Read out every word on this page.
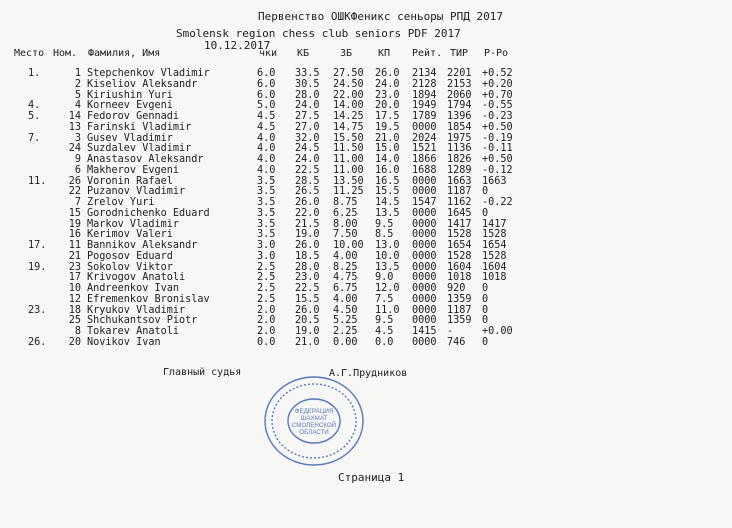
Первенство ОШКФеникс сеньоры РПД 2017
Smolensk region chess club seniors PDF 2017
10.12.2017
Место Ном. Фамилия, Имя	чки КБ	ЗБ	КП Рейт. ТИР Р-Ро
1.	1 Stepchenkov Vladimir	6.0 33.5 27.50 26.0 2134 2201 +0.52
2 Kiseliov Aleksandr	6.0 30.5 24.50 24.0 2128 2153 +0.20
5 Kiriushin Yuri	6.0 28.0 22.00 23.0 1894 2060 +0.70
4.	4 Korneev Evgeni	5.0 24.0 14.00 20.0 1949 1794 -0.55
5.	14 Fedorov Gennadi	4.5 27.5 14.25 17.5 1789 1396 -0.23
13 Farinski Vladimir	4.5 27.0 14.75 19.5 0000 1854 +0.50
7.	3 Gusev Vladimir	4.0 32.0 15.50 21.0 2024 1975 -0.19
24 Suzdalev Vladimir	4.0 24.5 11.50 15.0 1521 1136 -0.11
9 Anastasov Aleksandr	4.0 24.0 11.00 14.0 1866 1826 +0.50
6 Makherov Evgeni	4.0 22.5 11.00 16.0 1688 1289 -0.12
11.	26 Voronin Rafael	3.5 28.5 13.50 16.5 0000 1663 1663
22 Puzanov Vladimir	3.5 26.5 11.25 15.5 0000 1187 0
7 Zrelov Yuri	3.5 26.0 8.75 14.5 1547 1162 -0.22
15 Gorodnichenko Eduard	3.5 22.0 6.25 13.5 0000 1645 0
19 Markov Vladimir	3.5 21.5 8.00 9.5 0000 1417 1417
16 Kerimov Valeri	3.5 19.0 7.50 8.5 0000 1528 1528
17.	11 Bannikov Aleksandr	3.0 26.0 10.00 13.0 0000 1654 1654
21 Pogosov Eduard	3.0 18.5 4.00 10.0 0000 1528 1528
19.	23 Sokolov Viktor	2.5 28.0 8.25 13.5 0000 1604 1604
17 Krivogov Anatoli	2.5 23.0 4.75 9.0 0000 1018 1018
10 Andreenkov Ivan	2.5 22.5 6.75 12.0 0000 920 0
12 Efremenkov Bronislav	2.5 15.5 4.00 7.5 0000 1359 0
23.	18 Kryukov Vladimir	2.0 26.0 4.50 11.0 0000 1187 0
25 Shchukantsov Piotr	2.0 20.5 5.25 9.5 0000 1359 0
8 Tokarev Anatoli	2.0 19.0 2.25 4.5 1415 -	+0.00
26.	20 Novikov Ivan	0.0 21.0 0.00 0.0 0000 746 0
Главный судья	А.Г.Прудников
ФЕДЕРАЦИЯ
ШАХМАТ
СМОЛЕНСКОЙ
ОБЛАСТИ
Страница 1
